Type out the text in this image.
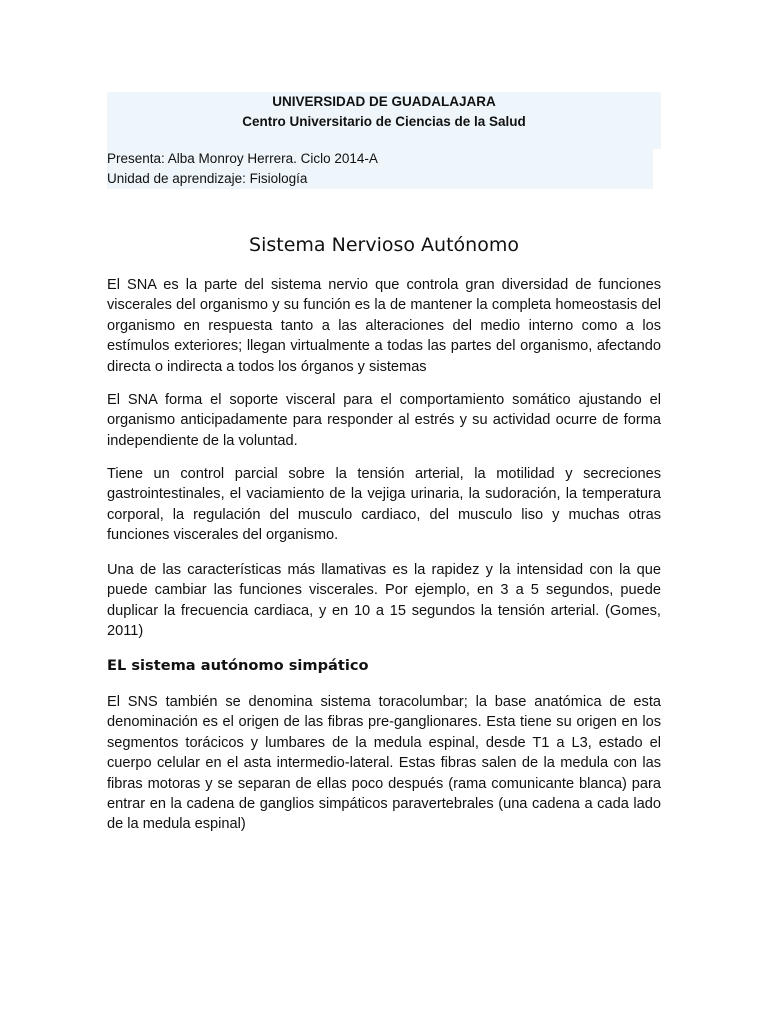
UNIVERSIDAD DE GUADALAJARA
Centro Universitario de Ciencias de la Salud
Presenta: Alba Monroy Herrera. Ciclo 2014-A
Unidad de aprendizaje: Fisiología
Sistema Nervioso Autónomo
El SNA es la parte del sistema nervio que controla gran diversidad de funciones viscerales del organismo y su función es la de mantener la completa homeostasis del organismo en respuesta tanto a las alteraciones del medio interno como a los estímulos exteriores; llegan virtualmente a todas las partes del organismo, afectando directa o indirecta a todos los órganos y sistemas
El SNA forma el soporte visceral para el comportamiento somático ajustando el organismo anticipadamente para responder al estrés y su actividad ocurre de forma independiente de la voluntad.
Tiene un control parcial sobre la tensión arterial, la motilidad y secreciones gastrointestinales, el vaciamiento de la vejiga urinaria, la sudoración, la temperatura corporal, la regulación del musculo cardiaco, del musculo liso y muchas otras funciones viscerales del organismo.
Una de las características más llamativas es la rapidez y la intensidad con la que puede cambiar las funciones viscerales. Por ejemplo, en 3 a 5 segundos, puede duplicar la frecuencia cardiaca, y en 10 a 15 segundos la tensión arterial. (Gomes, 2011)
EL sistema autónomo simpático
El SNS también se denomina sistema toracolumbar; la base anatómica de esta denominación es el origen de las fibras pre-ganglionares. Esta tiene su origen en los segmentos torácicos y lumbares de la medula espinal, desde T1 a L3, estado el cuerpo celular en el asta intermedio-lateral. Estas fibras salen de la medula con las fibras motoras y se separan de ellas poco después (rama comunicante blanca) para entrar en la cadena de ganglios simpáticos paravertebrales (una cadena a cada lado de la medula espinal)
